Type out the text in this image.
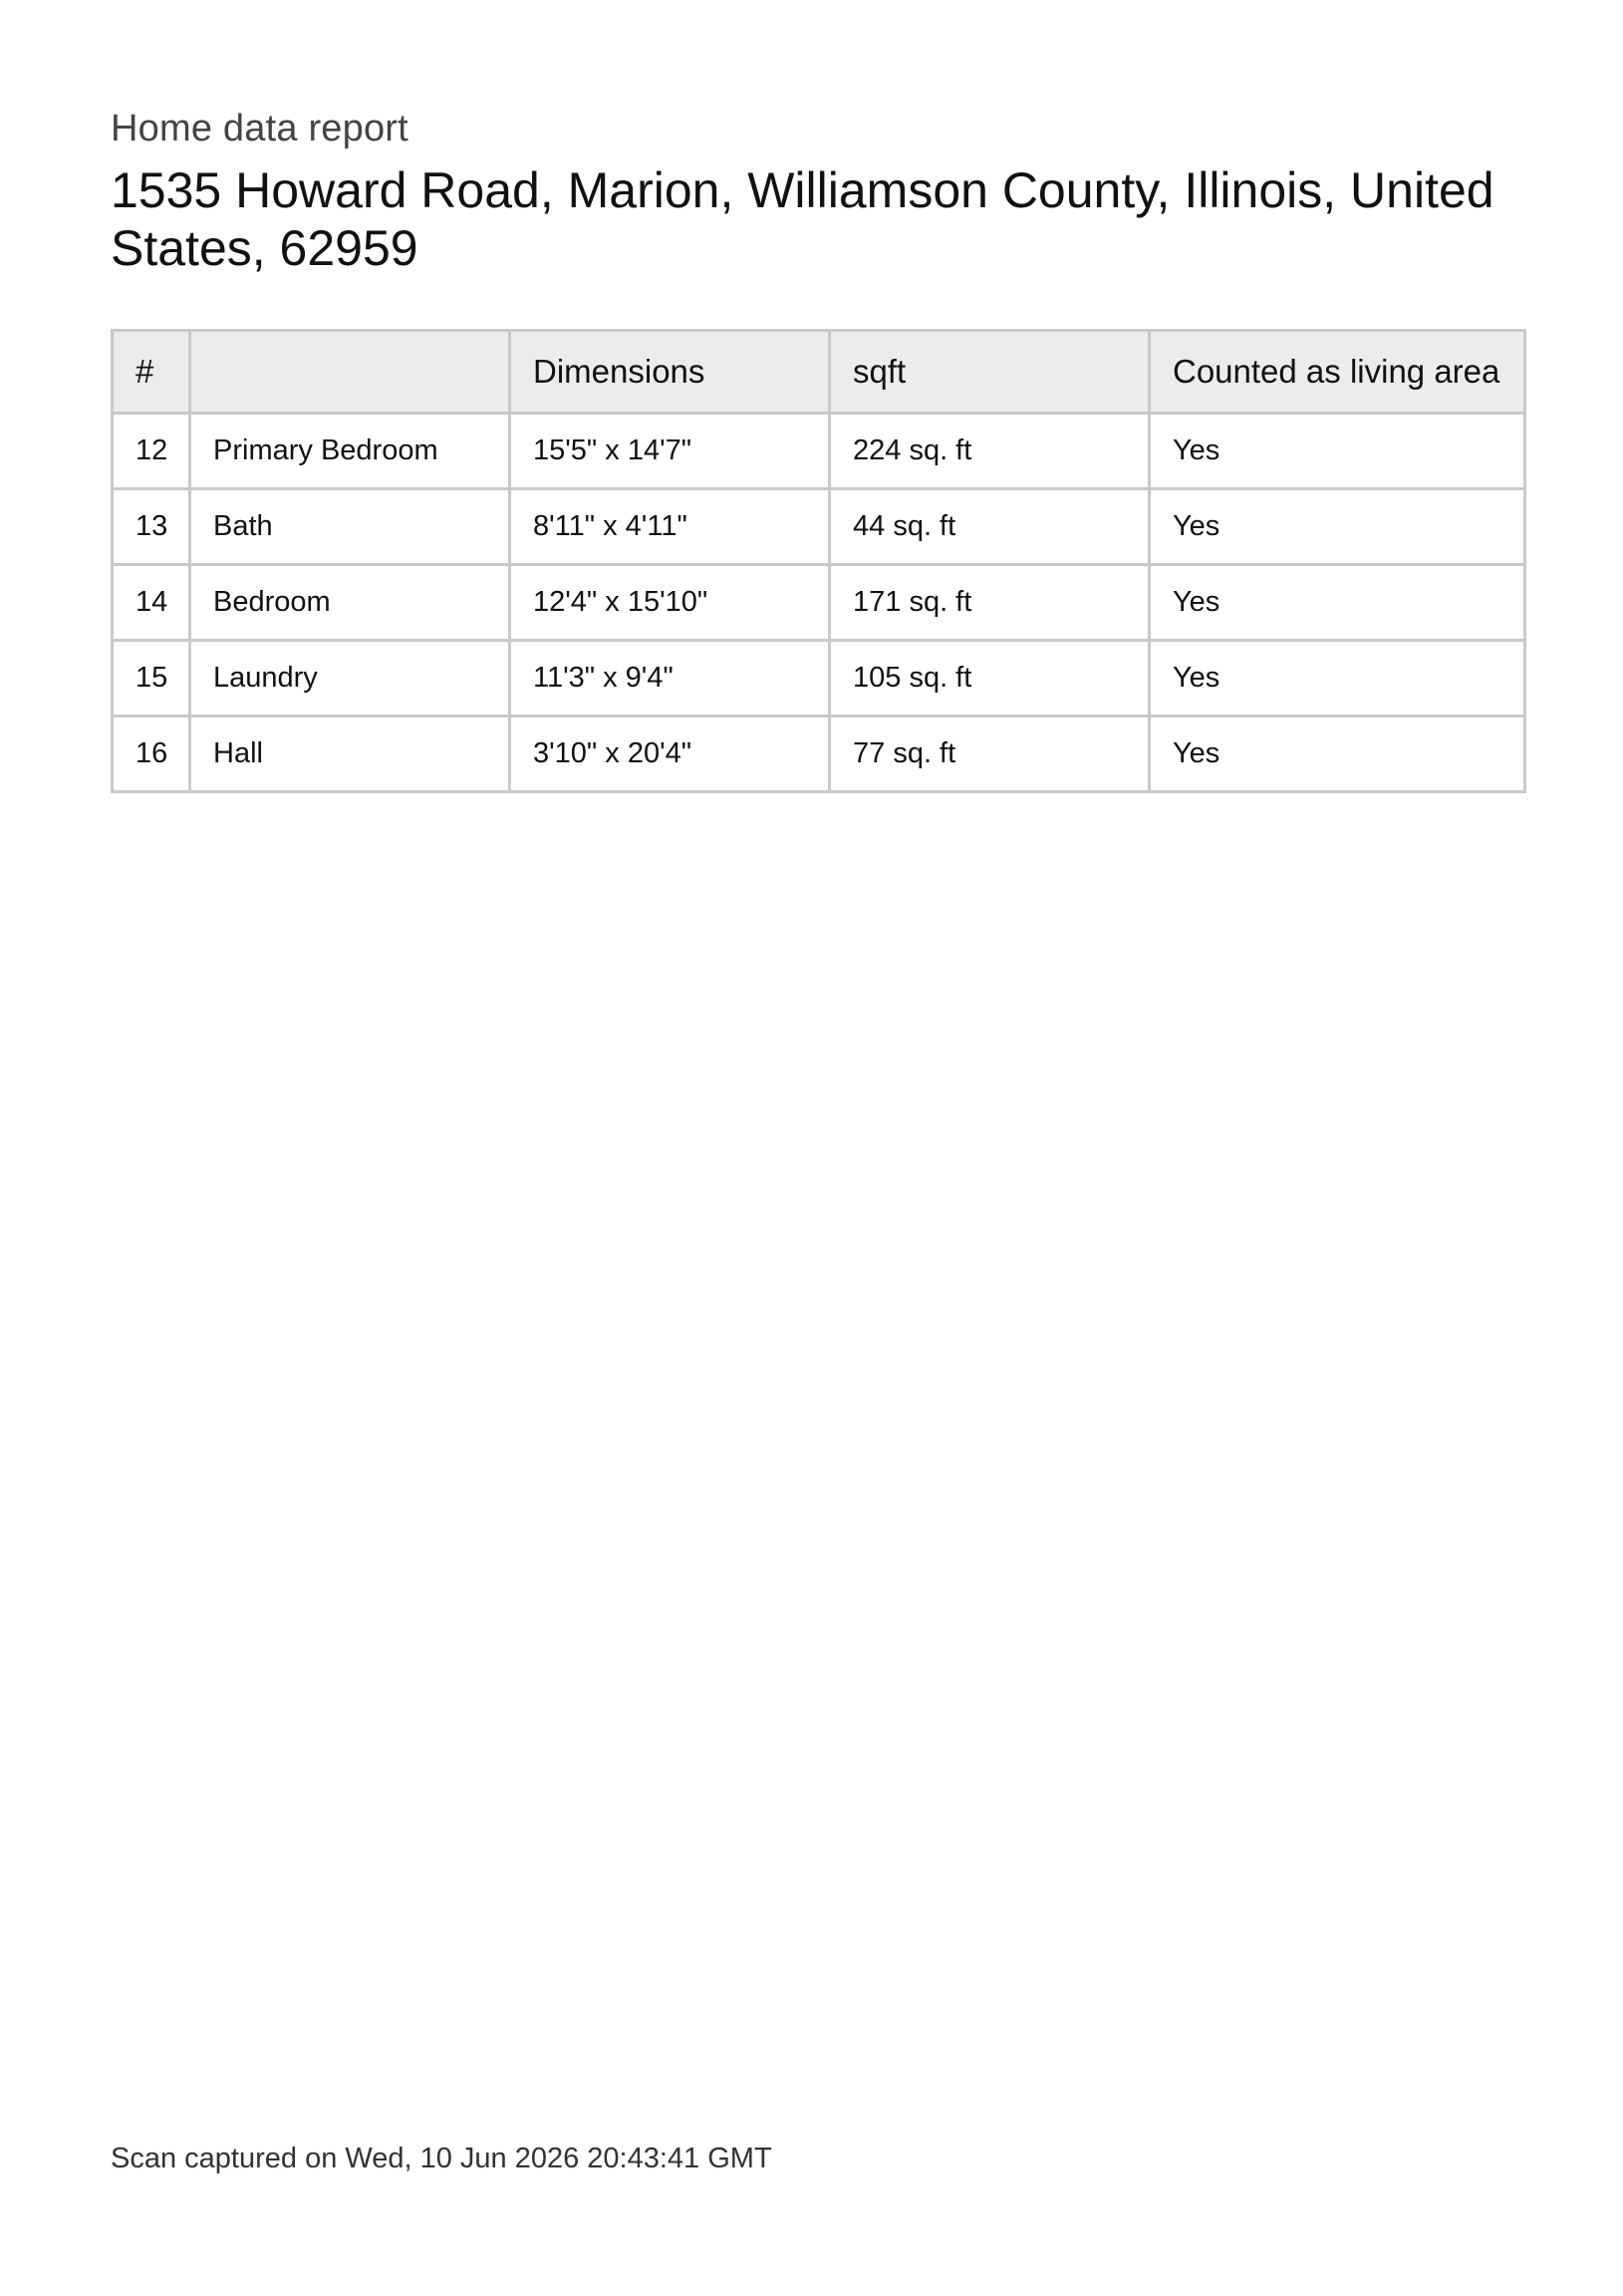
Home data report
1535 Howard Road, Marion, Williamson County, Illinois, United States, 62959
#		Dimensions	sqft	Counted as living area
12	Primary Bedroom	15'5" x 14'7"	224 sq. ft	Yes
13	Bath	8'11" x 4'11"	44 sq. ft	Yes
14	Bedroom	12'4" x 15'10"	171 sq. ft	Yes
15	Laundry	11'3" x 9'4"	105 sq. ft	Yes
16	Hall	3'10" x 20'4"	77 sq. ft	Yes
Scan captured on Wed, 10 Jun 2026 20:43:41 GMT
